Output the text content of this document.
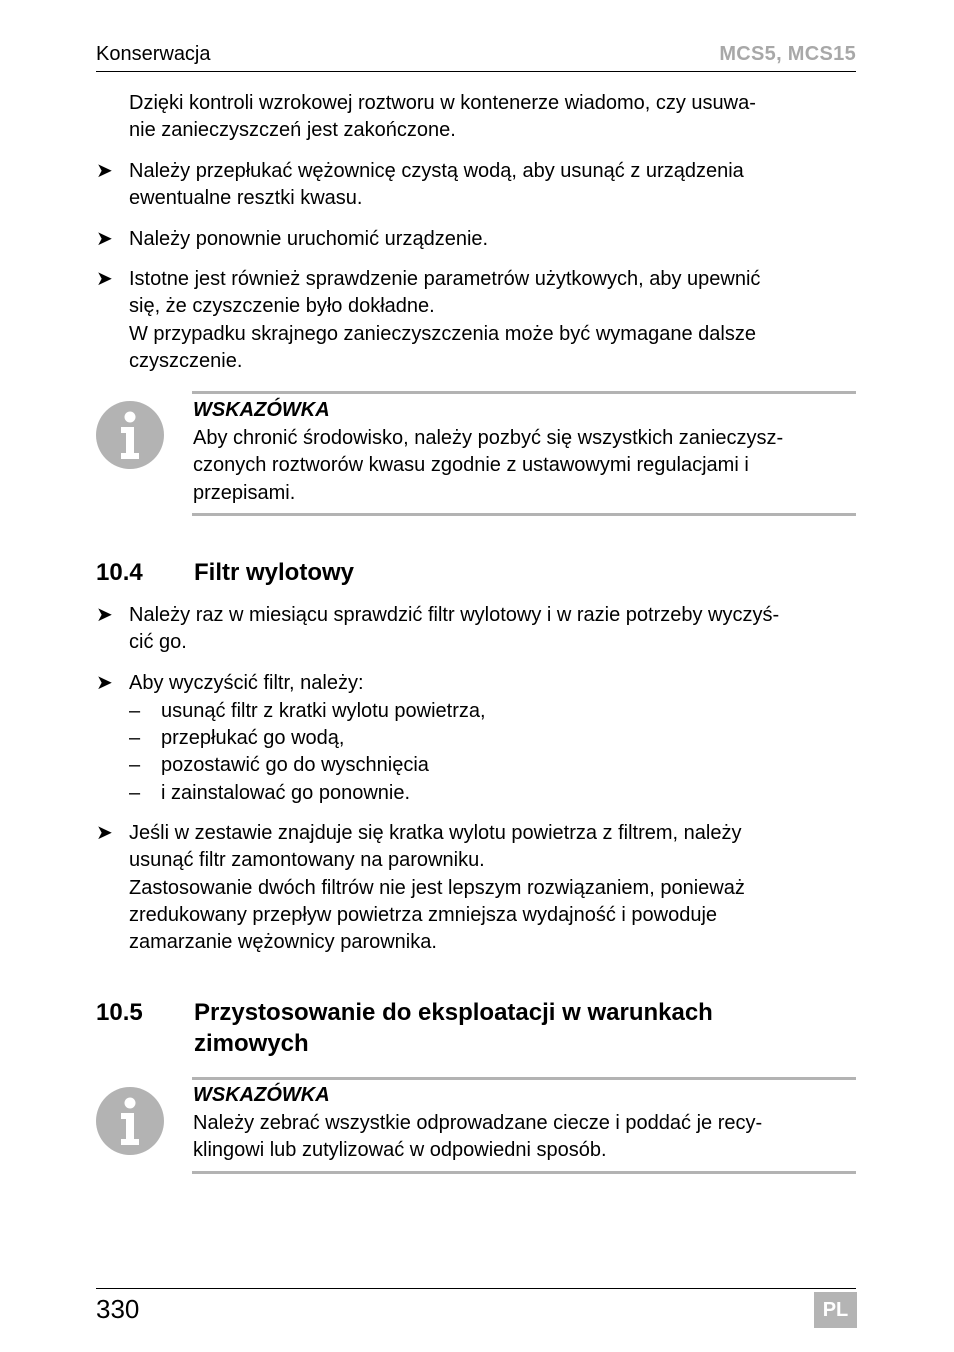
Konserwacja	MCS5, MCS15
Dzięki kontroli wzrokowej roztworu w kontenerze wiadomo, czy usuwa-
nie zanieczyszczeń jest zakończone.
➤ Należy przepłukać wężownicę czystą wodą, aby usunąć z urządzenia
ewentualne resztki kwasu.
➤ Należy ponownie uruchomić urządzenie.
➤ Istotne jest również sprawdzenie parametrów użytkowych, aby upewnić
się, że czyszczenie było dokładne.
W przypadku skrajnego zanieczyszczenia może być wymagane dalsze
czyszczenie.
WSKAZÓWKA
Aby chronić środowisko, należy pozbyć się wszystkich zanieczysz-
czonych roztworów kwasu zgodnie z ustawowymi regulacjami i
przepisami.
10.4 Filtr wylotowy
➤ Należy raz w miesiącu sprawdzić filtr wylotowy i w razie potrzeby wyczyś-
cić go.
➤ Aby wyczyścić filtr, należy:
– usunąć filtr z kratki wylotu powietrza,
– przepłukać go wodą,
– pozostawić go do wyschnięcia
– i zainstalować go ponownie.
➤ Jeśli w zestawie znajduje się kratka wylotu powietrza z filtrem, należy
usunąć filtr zamontowany na parowniku.
Zastosowanie dwóch filtrów nie jest lepszym rozwiązaniem, ponieważ
zredukowany przepływ powietrza zmniejsza wydajność i powoduje
zamarzanie wężownicy parownika.
10.5 Przystosowanie do eksploatacji w warunkach
zimowych
WSKAZÓWKA
Należy zebrać wszystkie odprowadzane ciecze i poddać je recy-
klingowi lub zutylizować w odpowiedni sposób.
330	PL
